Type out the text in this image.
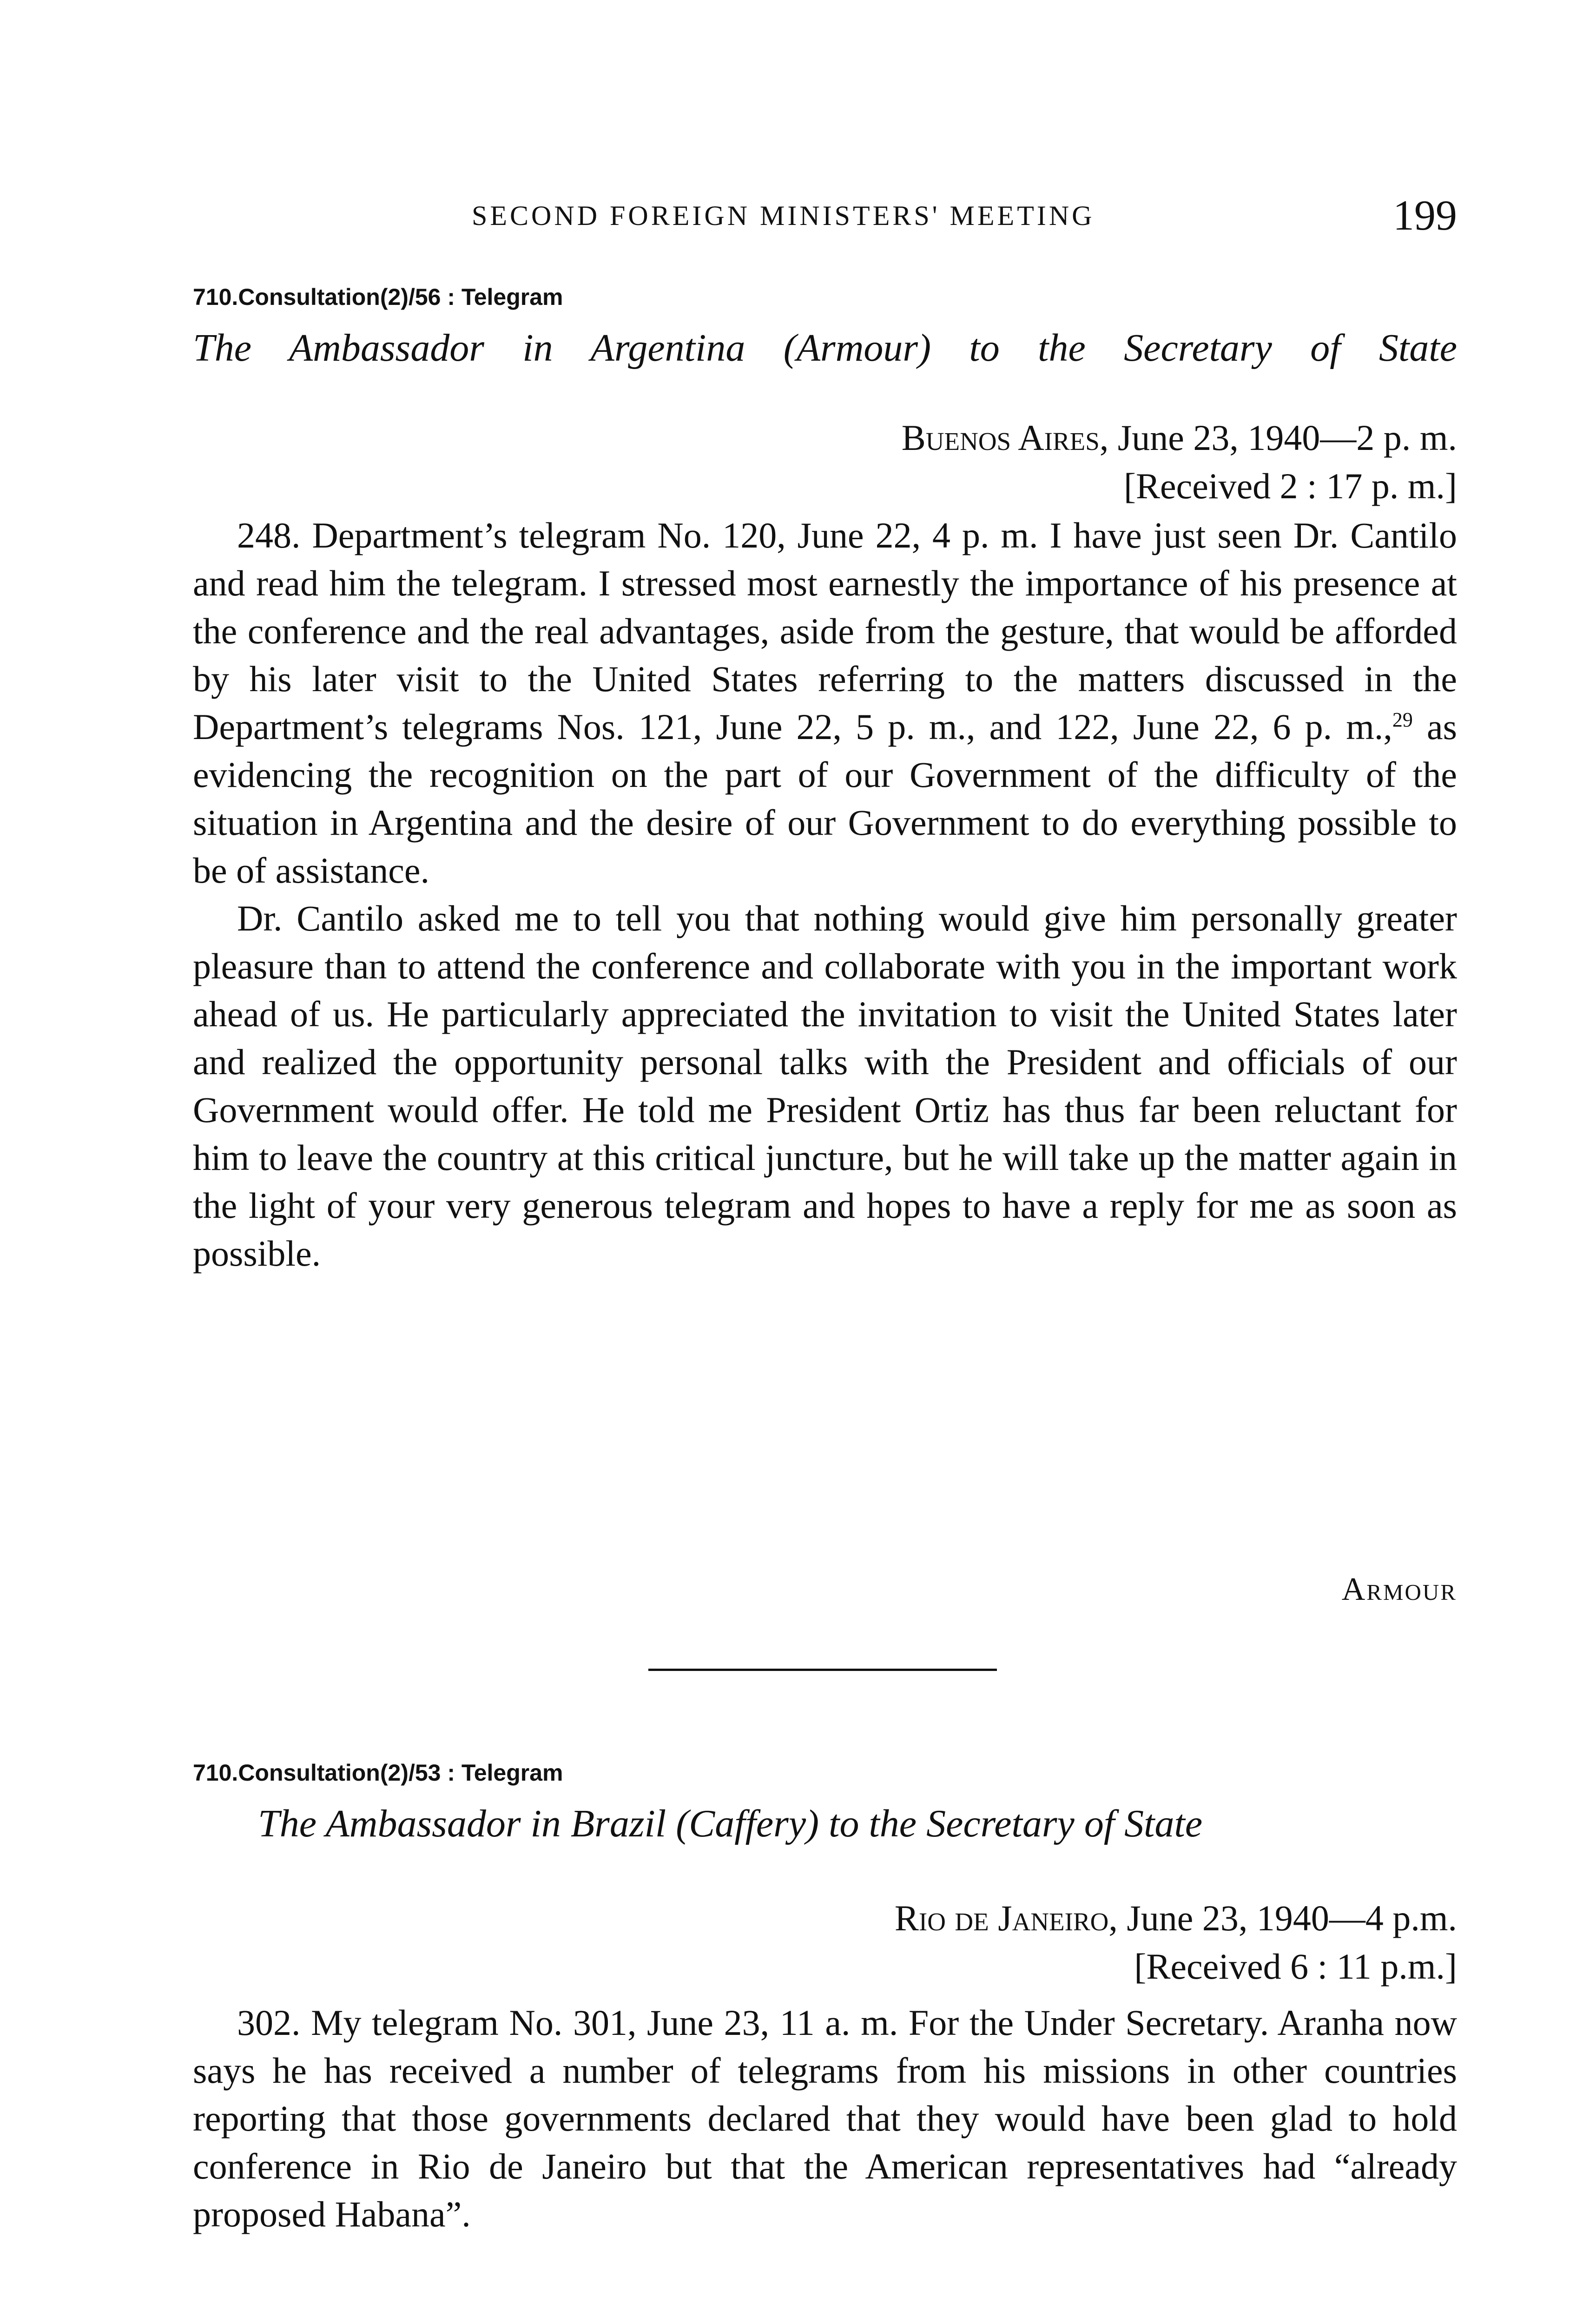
SECOND FOREIGN MINISTERS' MEETING	199
710.Consultation(2)/56 : Telegram
The Ambassador in Argentina (Armour) to the Secretary of State
Buenos Aires, June 23, 1940—2 p. m.
[Received 2 : 17 p. m.]

248. Department’s telegram No. 120, June 22, 4 p. m. I have just seen Dr. Cantilo and read him the telegram. I stressed most earnestly the importance of his presence at the conference and the real advantages, aside from the gesture, that would be afforded by his later visit to the United States referring to the matters discussed in the Department’s telegrams Nos. 121, June 22, 5 p. m., and 122, June 22, 6 p. m.,$^{29}$ as evidencing the recognition on the part of our Government of the difficulty of the situation in Argentina and the desire of our Government to do everything possible to be of assistance.

Dr. Cantilo asked me to tell you that nothing would give him personally greater pleasure than to attend the conference and collaborate with you in the important work ahead of us. He particularly appreciated the invitation to visit the United States later and realized the opportunity personal talks with the President and officials of our Government would offer. He told me President Ortiz has thus far been reluctant for him to leave the country at this critical juncture, but he will take up the matter again in the light of your very generous telegram and hopes to have a reply for me as soon as possible.

Armour
710.Consultation(2)/53 : Telegram
The Ambassador in Brazil (Caffery) to the Secretary of State
Rio de Janeiro, June 23, 1940—4 p.m.
[Received 6 : 11 p.m.]

302. My telegram No. 301, June 23, 11 a. m. For the Under Secretary. Aranha now says he has received a number of telegrams from his missions in other countries reporting that those governments declared that they would have been glad to hold conference in Rio de Janeiro but that the American representatives had “already proposed Habana”.
